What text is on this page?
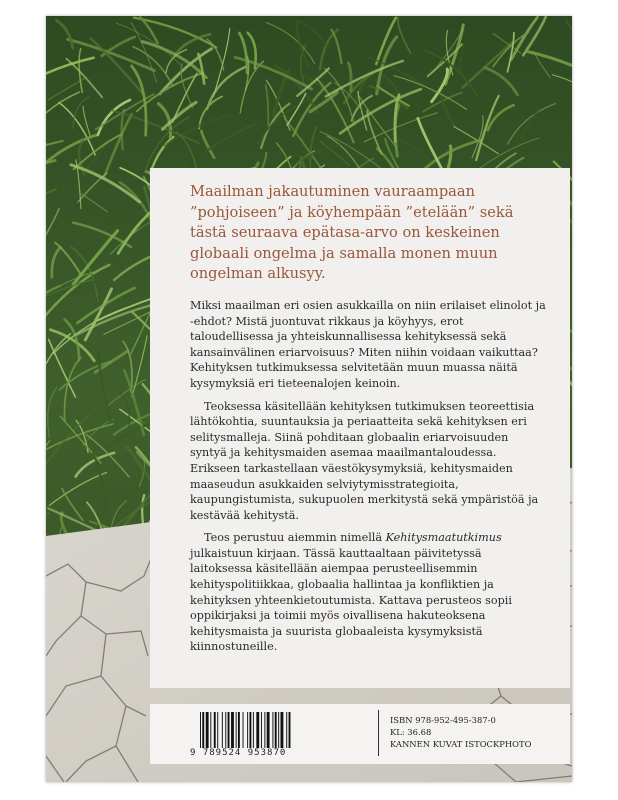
Maailman jakautuminen vauraampaan ”pohjoiseen” ja köyhempään ”etelään” sekä tästä seuraava epätasa-arvo on keskeinen globaali ongelma ja samalla monen muun ongelman alkusyy.

Miksi maailman eri osien asukkailla on niin erilaiset elinolot ja -ehdot? Mistä juontuvat rikkaus ja köyhyys, erot taloudellisessa ja yhteiskunnallisessa kehityksessä sekä kansainvälinen eriarvoisuus? Miten niihin voidaan vaikuttaa? Kehityksen tutkimuksessa selvitetään muun muassa näitä kysymyksiä eri tieteenalojen keinoin.

Teoksessa käsitellään kehityksen tutkimuksen teoreettisia lähtökohtia, suuntauksia ja periaatteita sekä kehityksen eri selitysmalleja. Siinä pohditaan globaalin eriarvoisuuden syntyä ja kehitysmaiden asemaa maailmantaloudessa. Erikseen tarkastellaan väestökysymyksiä, kehitysmaiden maaseudun asukkaiden selviytymisstrategioita, kaupungistumista, sukupuolen merkitystä sekä ympäristöä ja kestävää kehitystä.

Teos perustuu aiemmin nimellä Kehitysmaatutkimus julkaistuun kirjaan. Tässä kauttaaltaan päivitetyssä laitoksessa käsitellään aiempaa perusteellisemmin kehityspolitiikkaa, globaalia hallintaa ja konfliktien ja kehityksen yhteenkietoutumista. Kattava perusteos sopii oppikirjaksi ja toimii myös oivallisena hakuteoksena kehitysmaista ja suurista globaaleista kysymyksistä kiinnostuneille.

9 789524 953870
ISBN 978-952-495-387-0
KL: 36.68
KANNEN KUVAT ISTOCKPHOTO
